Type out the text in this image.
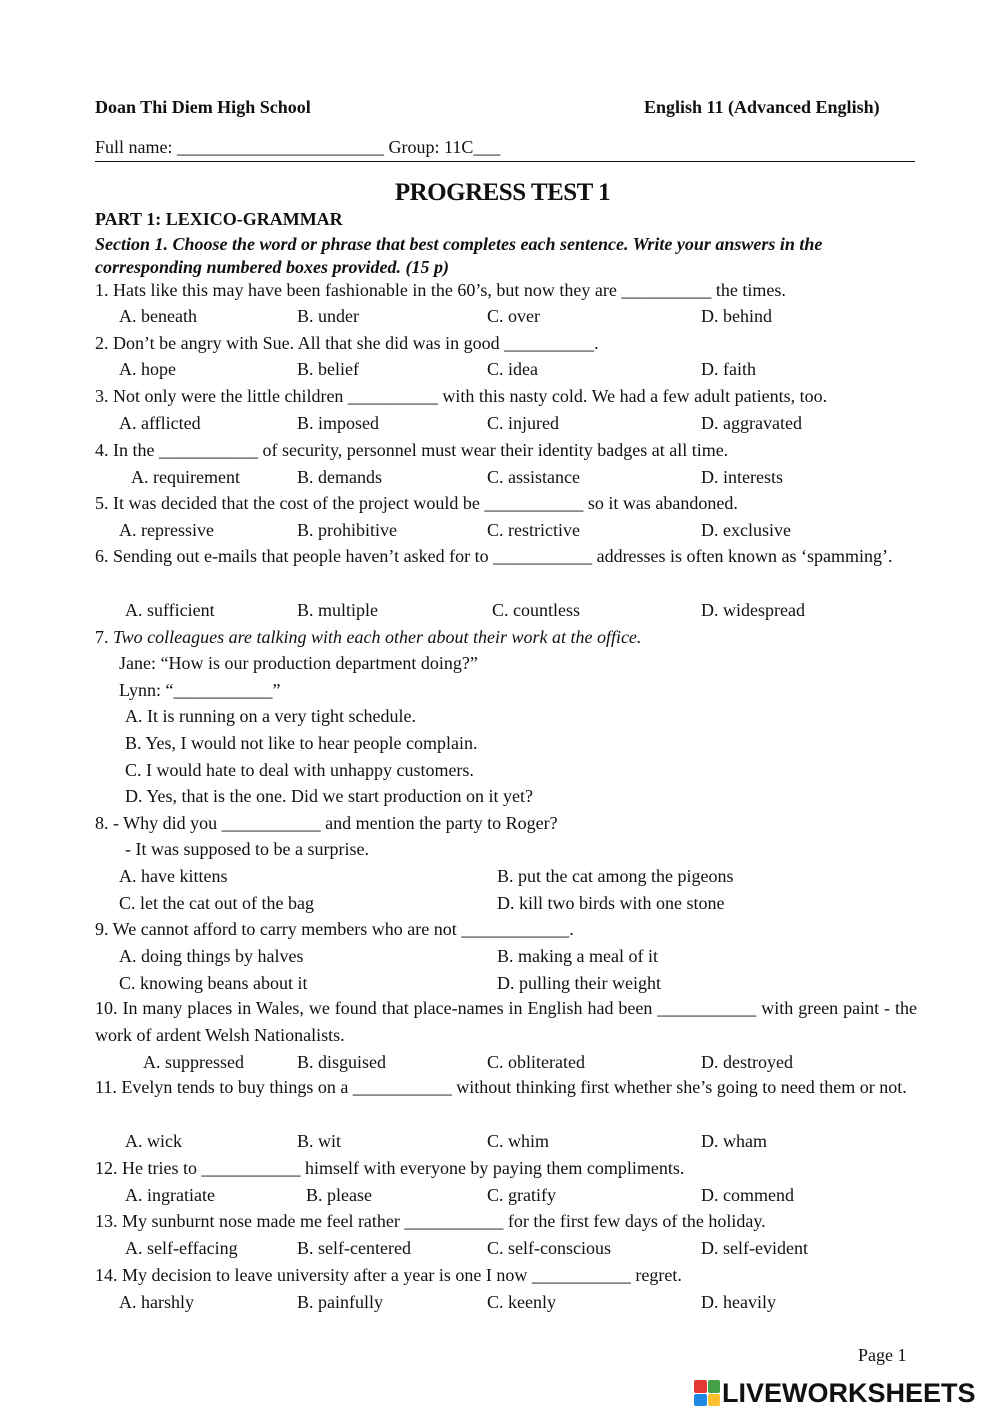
Doan Thi Diem High School	English 11 (Advanced English)
Full name: _______________________ Group: 11C___
PROGRESS TEST 1
PART 1: LEXICO-GRAMMAR
Section 1. Choose the word or phrase that best completes each sentence. Write your answers in the corresponding numbered boxes provided. (15 p)
1. Hats like this may have been fashionable in the 60’s, but now they are __________ the times.
A. beneath	B. under	C. over	D. behind
2. Don’t be angry with Sue. All that she did was in good __________.
A. hope	B. belief	C. idea	D. faith
3. Not only were the little children __________ with this nasty cold. We had a few adult patients, too.
A. afflicted	B. imposed	C. injured	D. aggravated
4. In the ___________ of security, personnel must wear their identity badges at all time.
A. requirement	B. demands	C. assistance	D. interests
5. It was decided that the cost of the project would be ___________ so it was abandoned.
A. repressive	B. prohibitive	C. restrictive	D. exclusive
6. Sending out e-mails that people haven’t asked for to ___________ addresses is often known as ‘spamming’.
A. sufficient	B. multiple	C. countless	D. widespread
7. Two colleagues are talking with each other about their work at the office.
Jane: “How is our production department doing?”
Lynn: “___________”
A. It is running on a very tight schedule.
B. Yes, I would not like to hear people complain.
C. I would hate to deal with unhappy customers.
D. Yes, that is the one. Did we start production on it yet?
8. - Why did you ___________ and mention the party to Roger?
- It was supposed to be a surprise.
A. have kittens	B. put the cat among the pigeons
C. let the cat out of the bag	D. kill two birds with one stone
9. We cannot afford to carry members who are not ____________.
A. doing things by halves	B. making a meal of it
C. knowing beans about it	D. pulling their weight
10. In many places in Wales, we found that place-names in English had been ___________ with green paint - the work of ardent Welsh Nationalists.
A. suppressed	B. disguised	C. obliterated	D. destroyed
11. Evelyn tends to buy things on a ___________ without thinking first whether she’s going to need them or not.
A. wick	B. wit	C. whim	D. wham
12. He tries to ___________ himself with everyone by paying them compliments.
A. ingratiate	B. please	C. gratify	D. commend
13. My sunburnt nose made me feel rather ___________ for the first few days of the holiday.
A. self-effacing	B. self-centered	C. self-conscious	D. self-evident
14. My decision to leave university after a year is one I now ___________ regret.
A. harshly	B. painfully	C. keenly	D. heavily
Page 1
LIVEWORKSHEETS
